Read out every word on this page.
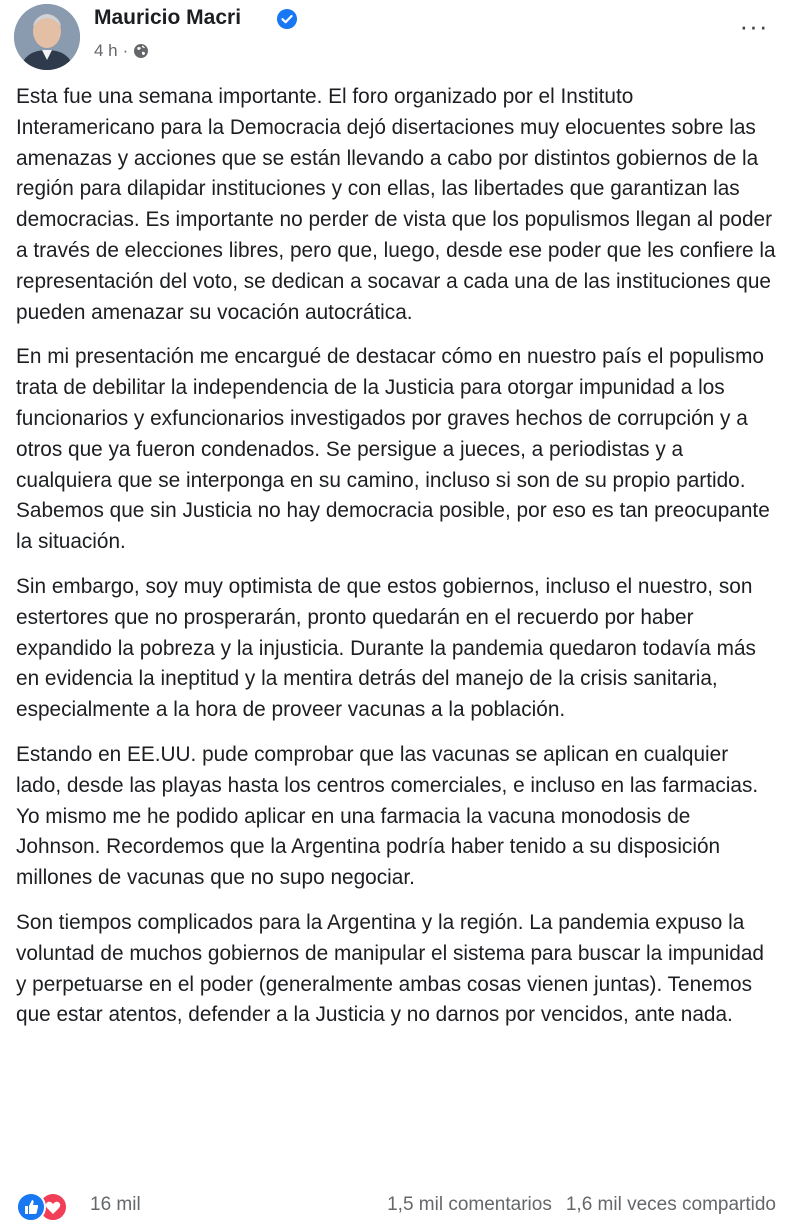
Mauricio Macri
4 h ·
···

Esta fue una semana importante. El foro organizado por el Instituto Interamericano para la Democracia dejó disertaciones muy elocuentes sobre las amenazas y acciones que se están llevando a cabo por distintos gobiernos de la región para dilapidar instituciones y con ellas, las libertades que garantizan las democracias. Es importante no perder de vista que los populismos llegan al poder a través de elecciones libres, pero que, luego, desde ese poder que les confiere la representación del voto, se dedican a socavar a cada una de las instituciones que pueden amenazar su vocación autocrática.

En mi presentación me encargué de destacar cómo en nuestro país el populismo trata de debilitar la independencia de la Justicia para otorgar impunidad a los funcionarios y exfuncionarios investigados por graves hechos de corrupción y a otros que ya fueron condenados. Se persigue a jueces, a periodistas y a cualquiera que se interponga en su camino, incluso si son de su propio partido. Sabemos que sin Justicia no hay democracia posible, por eso es tan preocupante la situación.

Sin embargo, soy muy optimista de que estos gobiernos, incluso el nuestro, son estertores que no prosperarán, pronto quedarán en el recuerdo por haber expandido la pobreza y la injusticia. Durante la pandemia quedaron todavía más en evidencia la ineptitud y la mentira detrás del manejo de la crisis sanitaria, especialmente a la hora de proveer vacunas a la población.

Estando en EE.UU. pude comprobar que las vacunas se aplican en cualquier lado, desde las playas hasta los centros comerciales, e incluso en las farmacias. Yo mismo me he podido aplicar en una farmacia la vacuna monodosis de Johnson. Recordemos que la Argentina podría haber tenido a su disposición millones de vacunas que no supo negociar.

Son tiempos complicados para la Argentina y la región. La pandemia expuso la voluntad de muchos gobiernos de manipular el sistema para buscar la impunidad y perpetuarse en el poder (generalmente ambas cosas vienen juntas). Tenemos que estar atentos, defender a la Justicia y no darnos por vencidos, ante nada.

16 mil	1,5 mil comentarios 1,6 mil veces compartido
